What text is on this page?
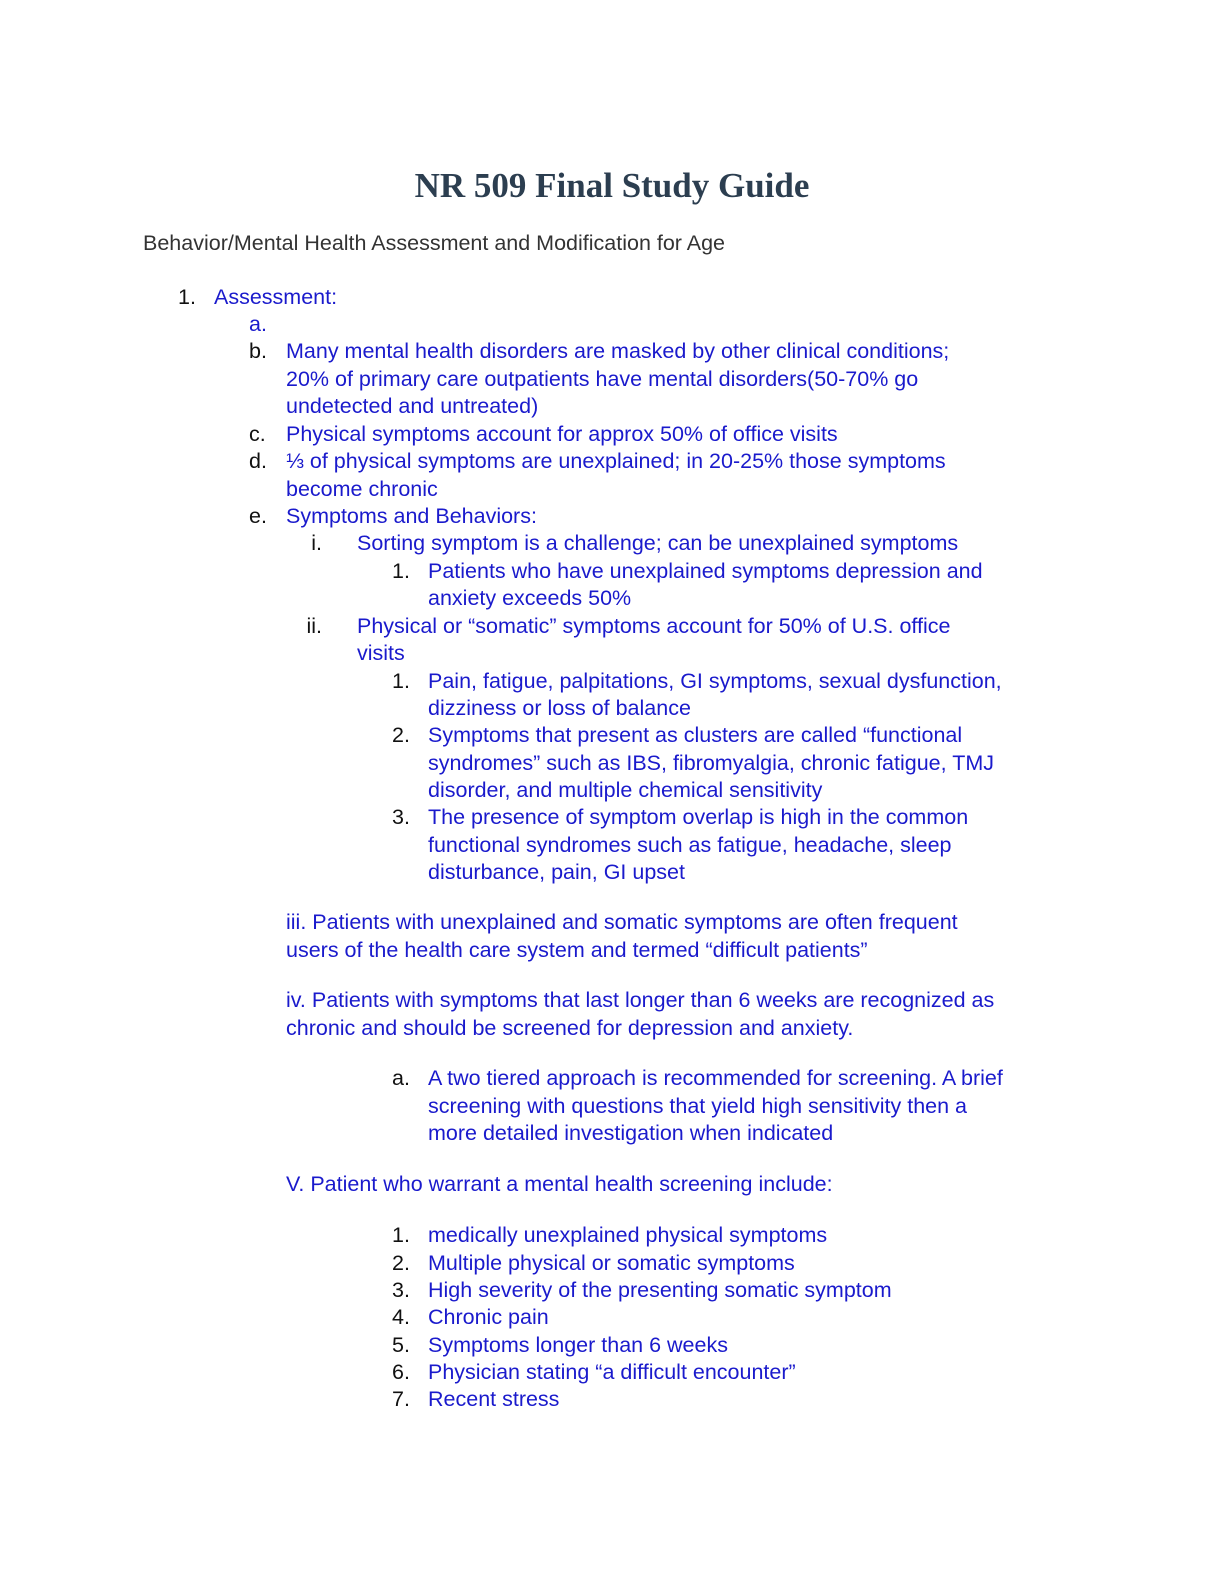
NR 509 Final Study Guide
Behavior/Mental Health Assessment and Modification for Age
1. Assessment:
a.
b. Many mental health disorders are masked by other clinical conditions;
20% of primary care outpatients have mental disorders(50-70% go
undetected and untreated)
c. Physical symptoms account for approx 50% of office visits
d. ⅓ of physical symptoms are unexplained; in 20-25% those symptoms
become chronic
e. Symptoms and Behaviors:
i. Sorting symptom is a challenge; can be unexplained symptoms
1. Patients who have unexplained symptoms depression and
anxiety exceeds 50%
ii. Physical or “somatic” symptoms account for 50% of U.S. office
visits
1. Pain, fatigue, palpitations, GI symptoms, sexual dysfunction,
dizziness or loss of balance
2. Symptoms that present as clusters are called “functional
syndromes” such as IBS, fibromyalgia, chronic fatigue, TMJ
disorder, and multiple chemical sensitivity
3. The presence of symptom overlap is high in the common
functional syndromes such as fatigue, headache, sleep
disturbance, pain, GI upset
iii. Patients with unexplained and somatic symptoms are often frequent
users of the health care system and termed “difficult patients”
iv. Patients with symptoms that last longer than 6 weeks are recognized as
chronic and should be screened for depression and anxiety.
a. A two tiered approach is recommended for screening. A brief
screening with questions that yield high sensitivity then a
more detailed investigation when indicated
V. Patient who warrant a mental health screening include:
1. medically unexplained physical symptoms
2. Multiple physical or somatic symptoms
3. High severity of the presenting somatic symptom
4. Chronic pain
5. Symptoms longer than 6 weeks
6. Physician stating “a difficult encounter”
7. Recent stress
